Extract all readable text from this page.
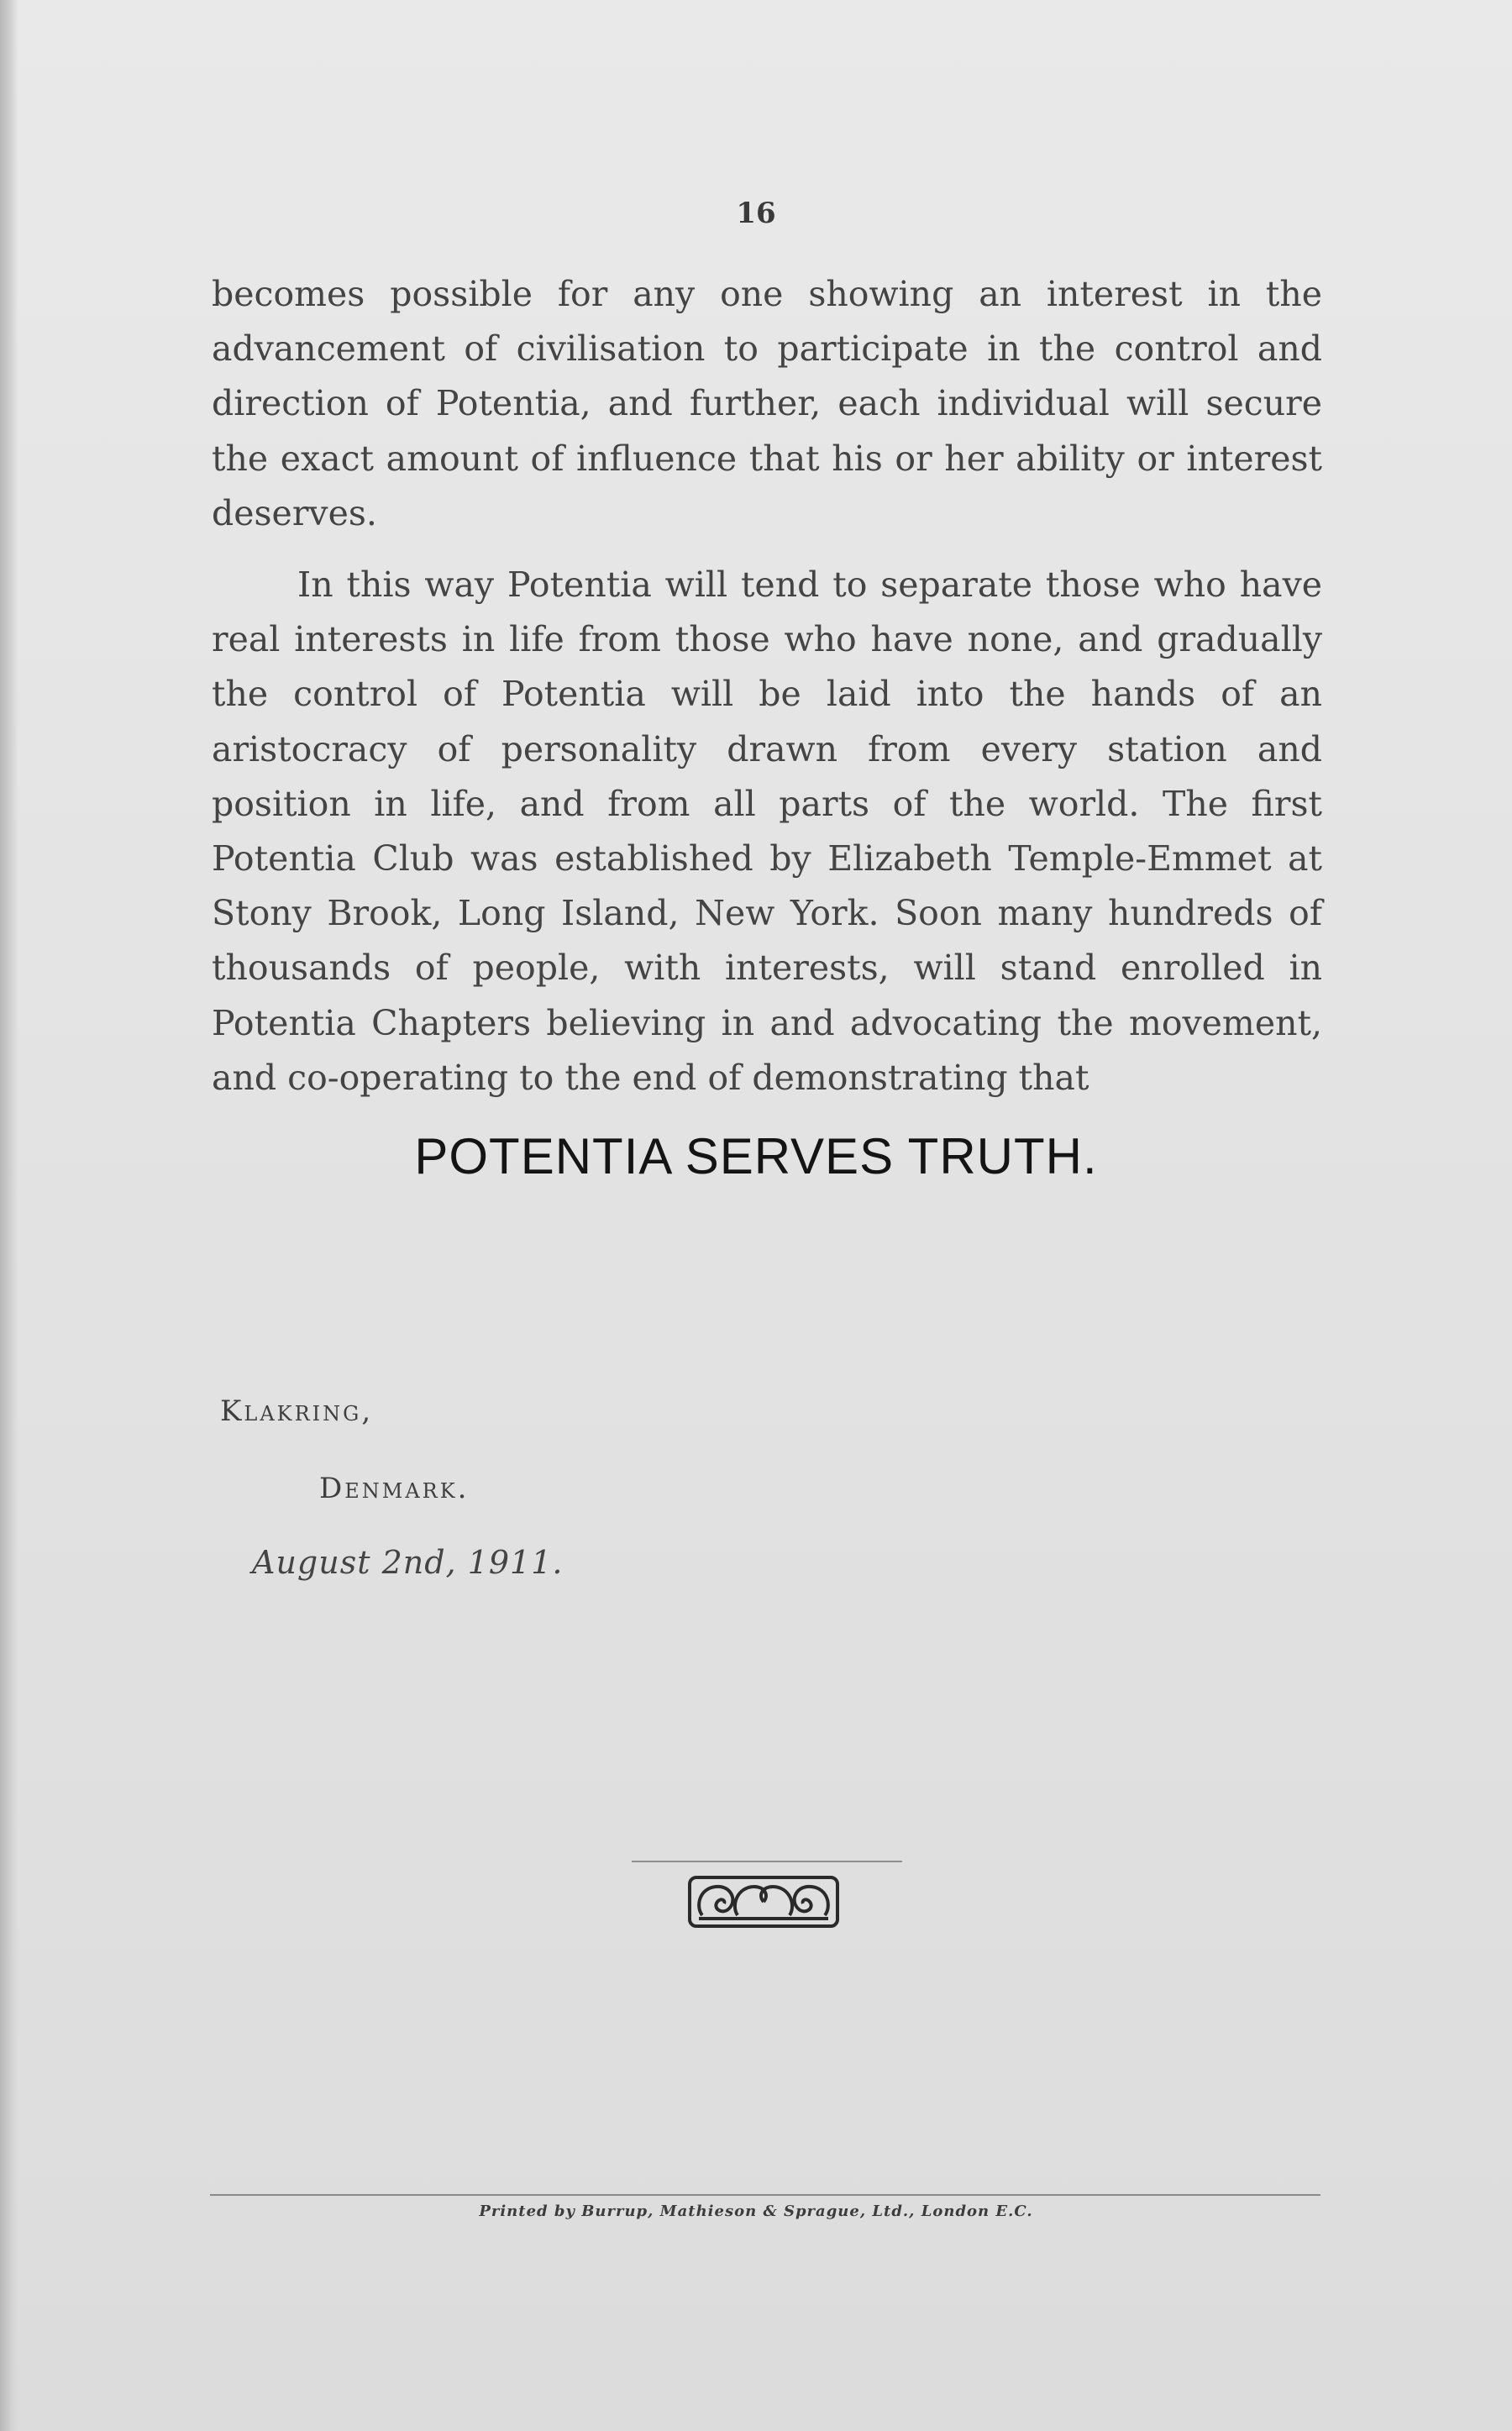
16

becomes possible for any one showing an interest in the advancement of civilisation to participate in the control and direction of Potentia, and further, each individual will secure the exact amount of influence that his or her ability or interest deserves.

In this way Potentia will tend to separate those who have real interests in life from those who have none, and gradually the control of Potentia will be laid into the hands of an aristocracy of personality drawn from every station and position in life, and from all parts of the world. The first Potentia Club was established by Elizabeth Temple-Emmet at Stony Brook, Long Island, New York. Soon many hundreds of thousands of people, with interests, will stand enrolled in Potentia Chapters believing in and advocating the movement, and co-operating to the end of demonstrating that

POTENTIA SERVES TRUTH.
Klakring,
Denmark.
August 2nd, 1911.
Printed by Burrup, Mathieson & Sprague, Ltd., London E.C.
